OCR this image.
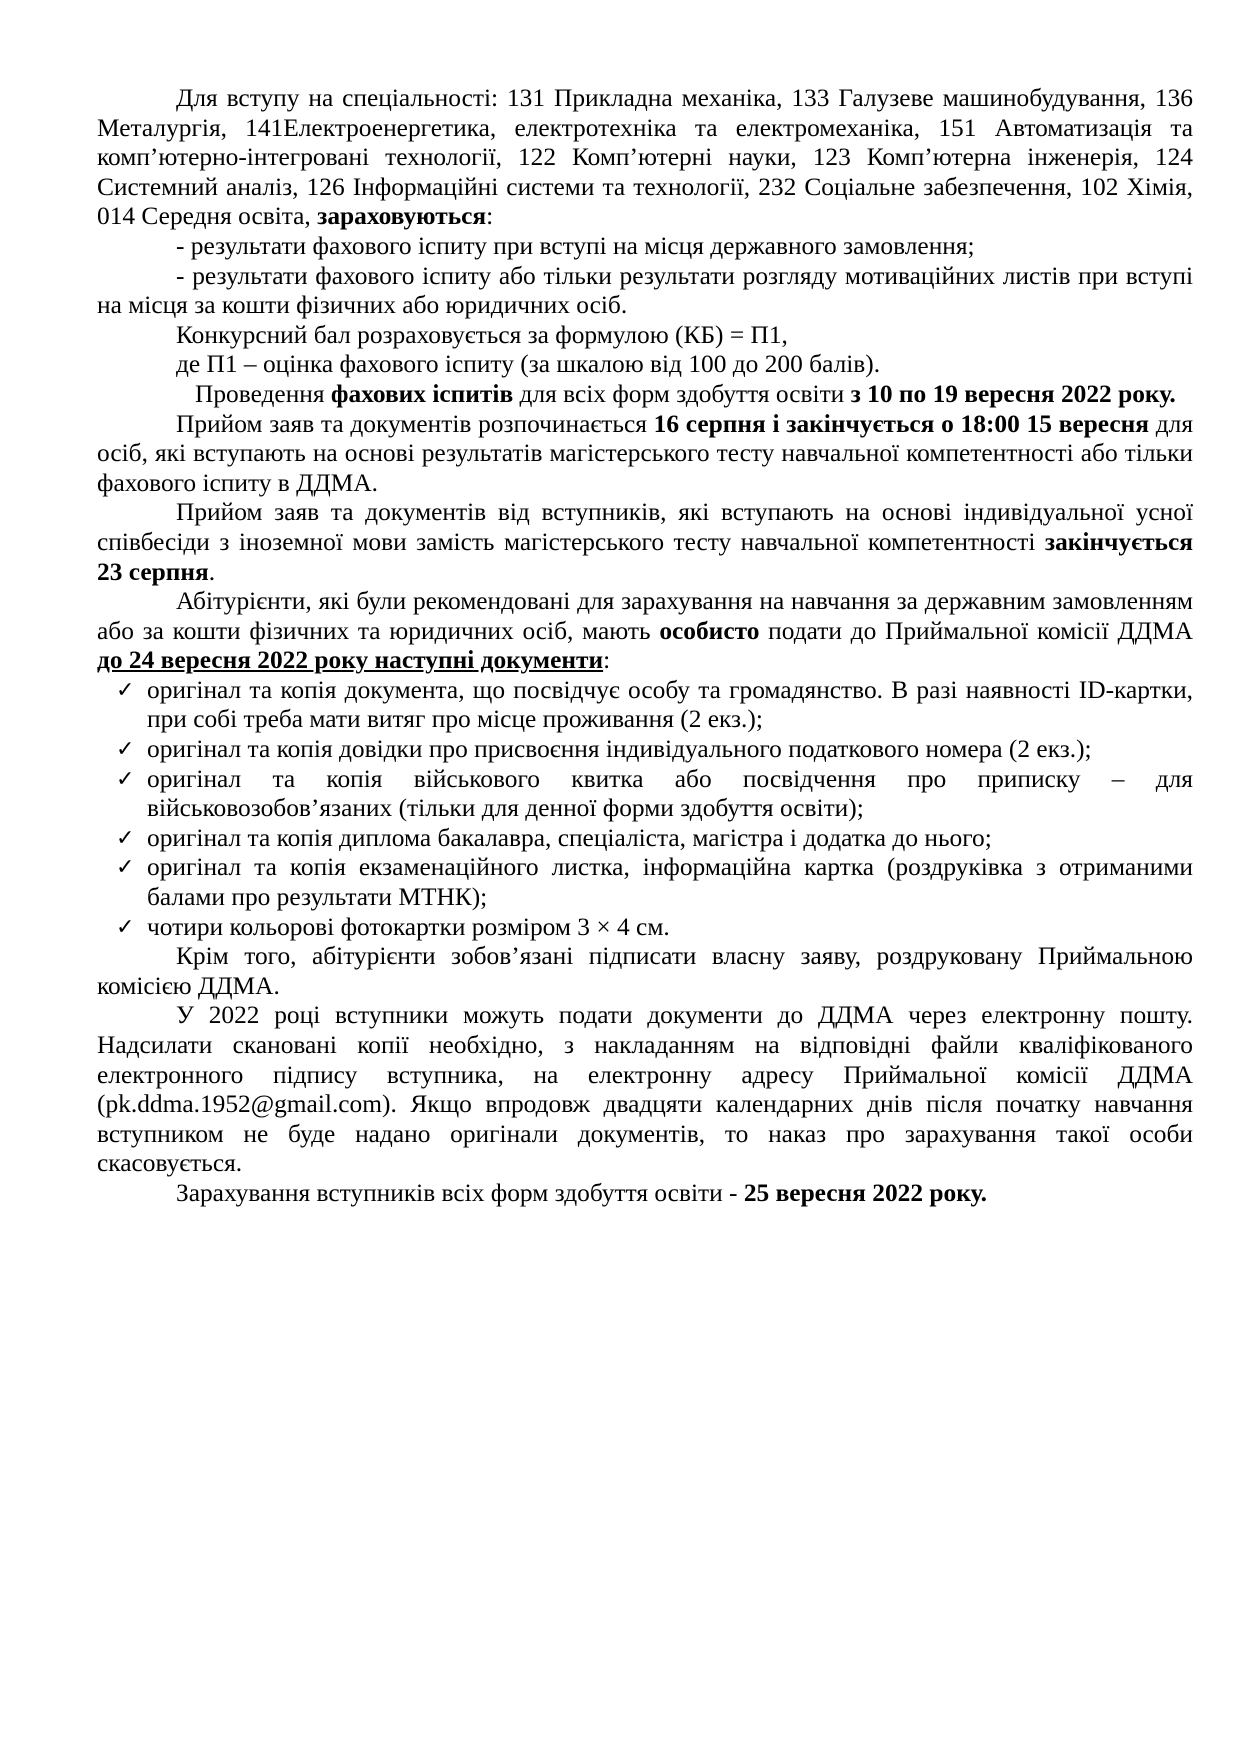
Для вступу на спеціальності: 131 Прикладна механіка, 133 Галузеве машинобудування, 136 Металургія, 141Електроенергетика, електротехніка та електромеханіка, 151 Автоматизація та комп’ютерно-інтегровані технології, 122 Комп’ютерні науки, 123 Комп’ютерна інженерія, 124 Системний аналіз, 126 Інформаційні системи та технології, 232 Соціальне забезпечення, 102 Хімія, 014 Середня освіта, зараховуються:

- результати фахового іспиту при вступі на місця державного замовлення;

- результати фахового іспиту або тільки результати розгляду мотиваційних листів при вступі на місця за кошти фізичних або юридичних осіб.

Конкурсний бал розраховується за формулою (КБ) = П1,

де П1 – оцінка фахового іспиту (за шкалою від 100 до 200 балів).

Проведення фахових іспитів для всіх форм здобуття освіти з 10 по 19 вересня 2022 року.

Прийом заяв та документів розпочинається 16 серпня і закінчується о 18:00 15 вересня для осіб, які вступають на основі результатів магістерського тесту навчальної компетентності або тільки фахового іспиту в ДДМА.

Прийом заяв та документів від вступників, які вступають на основі індивідуальної усної співбесіди з іноземної мови замість магістерського тесту навчальної компетентності закінчується 23 серпня.

Абітурієнти, які були рекомендовані для зарахування на навчання за державним замовленням або за кошти фізичних та юридичних осіб, мають особисто подати до Приймальної комісії ДДМА до 24 вересня 2022 року наступні документи:

✓ оригінал та копія документа, що посвідчує особу та громадянство. В разі наявності ID-картки, при собі треба мати витяг про місце проживання (2 екз.);
✓ оригінал та копія довідки про присвоєння індивідуального податкового номера (2 екз.);
✓ оригінал та копія військового квитка або посвідчення про приписку – для військовозобов’язаних (тільки для денної форми здобуття освіти);
✓ оригінал та копія диплома бакалавра, спеціаліста, магістра і додатка до нього;
✓ оригінал та копія екзаменаційного листка, інформаційна картка (роздруківка з отриманими балами про результати МТНК);
✓ чотири кольорові фотокартки розміром 3 × 4 см.

Крім того, абітурієнти зобов’язані підписати власну заяву, роздруковану Приймальною комісією ДДМА.

У 2022 році вступники можуть подати документи до ДДМА через електронну пошту. Надсилати скановані копії необхідно, з накладанням на відповідні файли кваліфікованого електронного підпису вступника, на електронну адресу Приймальної комісії ДДМА (pk.ddma.1952@gmail.com). Якщо впродовж двадцяти календарних днів після початку навчання вступником не буде надано оригінали документів, то наказ про зарахування такої особи скасовується.

Зарахування вступників всіх форм здобуття освіти - 25 вересня 2022 року.
